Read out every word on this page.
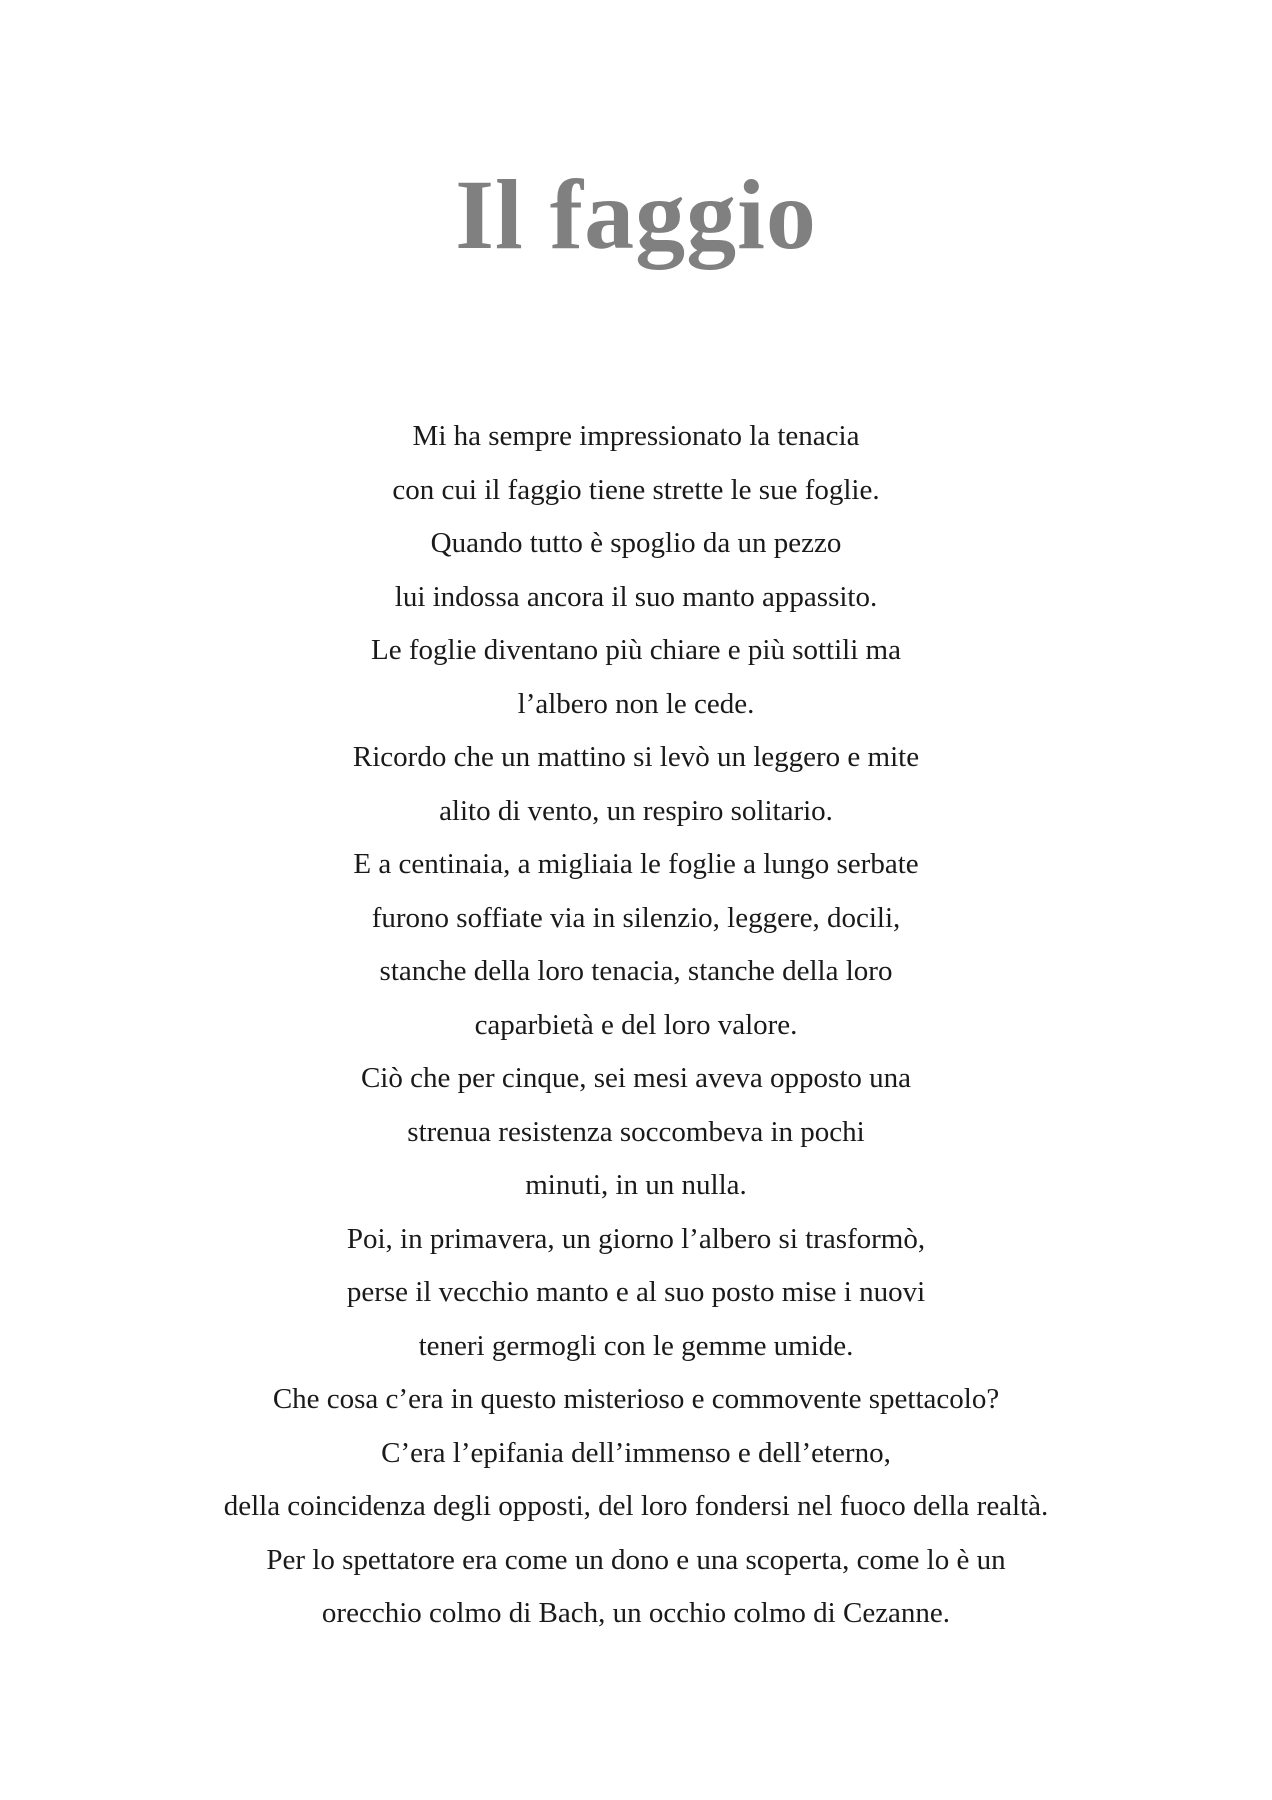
Il faggio
Mi ha sempre impressionato la tenacia
con cui il faggio tiene strette le sue foglie.
Quando tutto è spoglio da un pezzo
lui indossa ancora il suo manto appassito.
Le foglie diventano più chiare e più sottili ma
l’albero non le cede.
Ricordo che un mattino si levò un leggero e mite
alito di vento, un respiro solitario.
E a centinaia, a migliaia le foglie a lungo serbate
furono soffiate via in silenzio, leggere, docili,
stanche della loro tenacia, stanche della loro
caparbietà e del loro valore.
Ciò che per cinque, sei mesi aveva opposto una
strenua resistenza soccombeva in pochi
minuti, in un nulla.
Poi, in primavera, un giorno l’albero si trasformò,
perse il vecchio manto e al suo posto mise i nuovi
teneri germogli con le gemme umide.
Che cosa c’era in questo misterioso e commovente spettacolo?
C’era l’epifania dell’immenso e dell’eterno,
della coincidenza degli opposti, del loro fondersi nel fuoco della realtà.
Per lo spettatore era come un dono e una scoperta, come lo è un
orecchio colmo di Bach, un occhio colmo di Cezanne.
